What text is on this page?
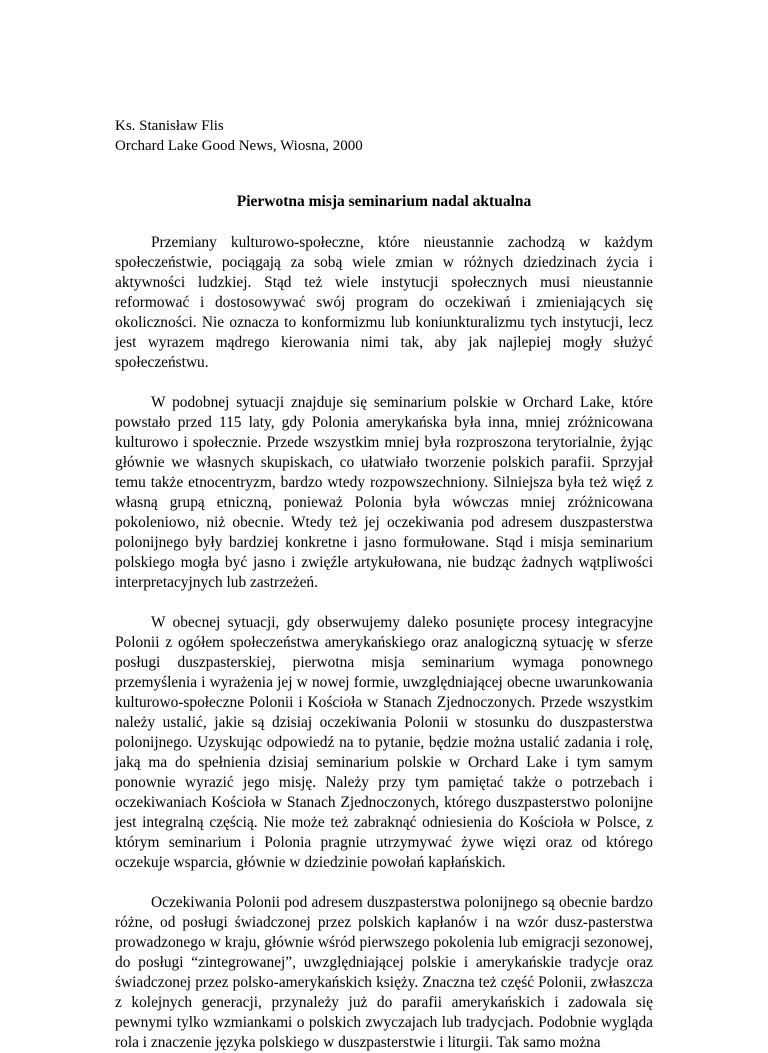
Ks. Stanisław Flis

Orchard Lake Good News, Wiosna, 2000

Pierwotna misja seminarium nadal aktualna

Przemiany kulturowo-społeczne, które nieustannie zachodzą w każdym społeczeństwie, pociągają za sobą wiele zmian w różnych dziedzinach życia i aktywności ludzkiej. Stąd też wiele instytucji społecznych musi nieustannie reformować i dostosowywać swój program do oczekiwań i zmieniających się okoliczności. Nie oznacza to konformizmu lub koniunkturalizmu tych instytucji, lecz jest wyrazem mądrego kierowania nimi tak, aby jak najlepiej mogły służyć społeczeństwu.

W podobnej sytuacji znajduje się seminarium polskie w Orchard Lake, które powstało przed 115 laty, gdy Polonia amerykańska była inna, mniej zróżnicowana kulturowo i społecznie. Przede wszystkim mniej była rozproszona terytorialnie, żyjąc głównie we własnych skupiskach, co ułatwiało tworzenie polskich parafii. Sprzyjał temu także etnocentryzm, bardzo wtedy rozpowszechniony. Silniejsza była też więź z własną grupą etniczną, ponieważ Polonia była wówczas mniej zróżnicowana pokoleniowo, niż obecnie. Wtedy też jej oczekiwania pod adresem duszpasterstwa polonijnego były bardziej konkretne i jasno formułowane. Stąd i misja seminarium polskiego mogła być jasno i zwięźle artykułowana, nie budząc żadnych wątpliwości interpretacyjnych lub zastrzeżeń.

W obecnej sytuacji, gdy obserwujemy daleko posunięte procesy integracyjne Polonii z ogółem społeczeństwa amerykańskiego oraz analogiczną sytuację w sferze posługi duszpasterskiej, pierwotna misja seminarium wymaga ponownego przemyślenia i wyrażenia jej w nowej formie, uwzględniającej obecne uwarunkowania kulturowo-społeczne Polonii i Kościoła w Stanach Zjednoczonych. Przede wszystkim należy ustalić, jakie są dzisiaj oczekiwania Polonii w stosunku do duszpasterstwa polonijnego. Uzyskując odpowiedź na to pytanie, będzie można ustalić zadania i rolę, jaką ma do spełnienia dzisiaj seminarium polskie w Orchard Lake i tym samym ponownie wyrazić jego misję. Należy przy tym pamiętać także o potrzebach i oczekiwaniach Kościoła w Stanach Zjednoczonych, którego duszpasterstwo polonijne jest integralną częścią. Nie może też zabraknąć odniesienia do Kościoła w Polsce, z którym seminarium i Polonia pragnie utrzymywać żywe więzi oraz od którego oczekuje wsparcia, głównie w dziedzinie powołań kapłańskich.

Oczekiwania Polonii pod adresem duszpasterstwa polonijnego są obecnie bardzo różne, od posługi świadczonej przez polskich kapłanów i na wzór dusz-pasterstwa prowadzonego w kraju, głównie wśród pierwszego pokolenia lub emigracji sezonowej, do posługi “zintegrowanej”, uwzględniającej polskie i amerykańskie tradycje oraz świadczonej przez polsko-amerykańskich księży. Znaczna też część Polonii, zwłaszcza z kolejnych generacji, przynależy już do parafii amerykańskich i zadowala się pewnymi tylko wzmiankami o polskich zwyczajach lub tradycjach. Podobnie wygląda rola i znaczenie języka polskiego w duszpasterstwie i liturgii. Tak samo można
